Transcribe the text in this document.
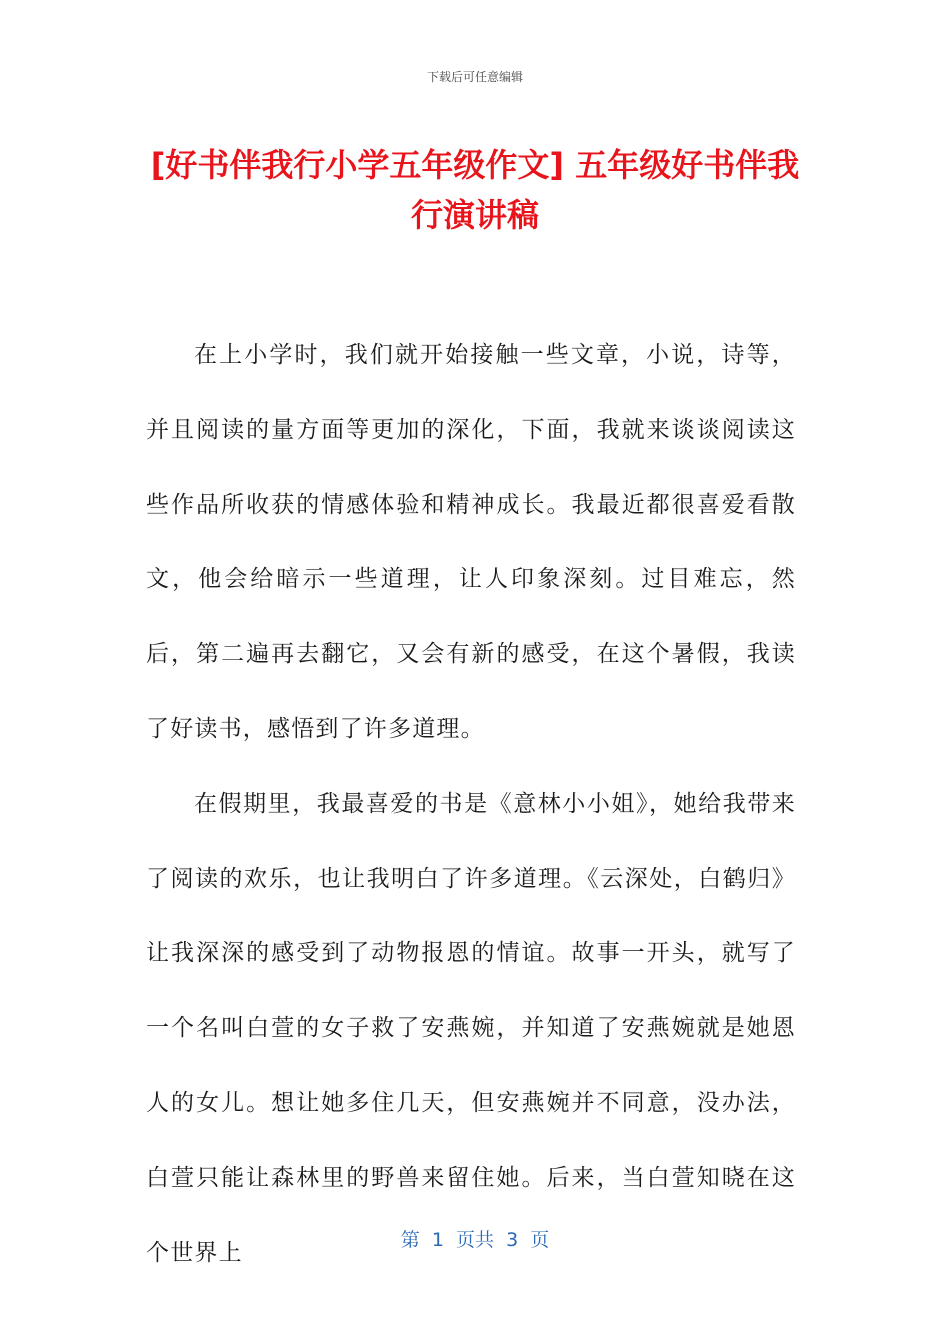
下载后可任意编辑
[好书伴我行小学五年级作文] 五年级好书伴我行演讲稿

在上小学时，我们就开始接触一些文章，小说，诗等，并且阅读的量方面等更加的深化，下面，我就来谈谈阅读这些作品所收获的情感体验和精神成长。我最近都很喜爱看散文，他会给暗示一些道理，让人印象深刻。过目难忘，然后，第二遍再去翻它，又会有新的感受，在这个暑假，我读了好读书，感悟到了许多道理。

在假期里，我最喜爱的书是《意林小小姐》，她给我带来了阅读的欢乐，也让我明白了许多道理。《云深处，白鹤归》让我深深的感受到了动物报恩的情谊。故事一开头，就写了一个名叫白萱的女子救了安燕婉，并知道了安燕婉就是她恩人的女儿。想让她多住几天，但安燕婉并不同意，没办法，白萱只能让森林里的野兽来留住她。后来，当白萱知晓在这个世界上	第  1  页共  3  页
